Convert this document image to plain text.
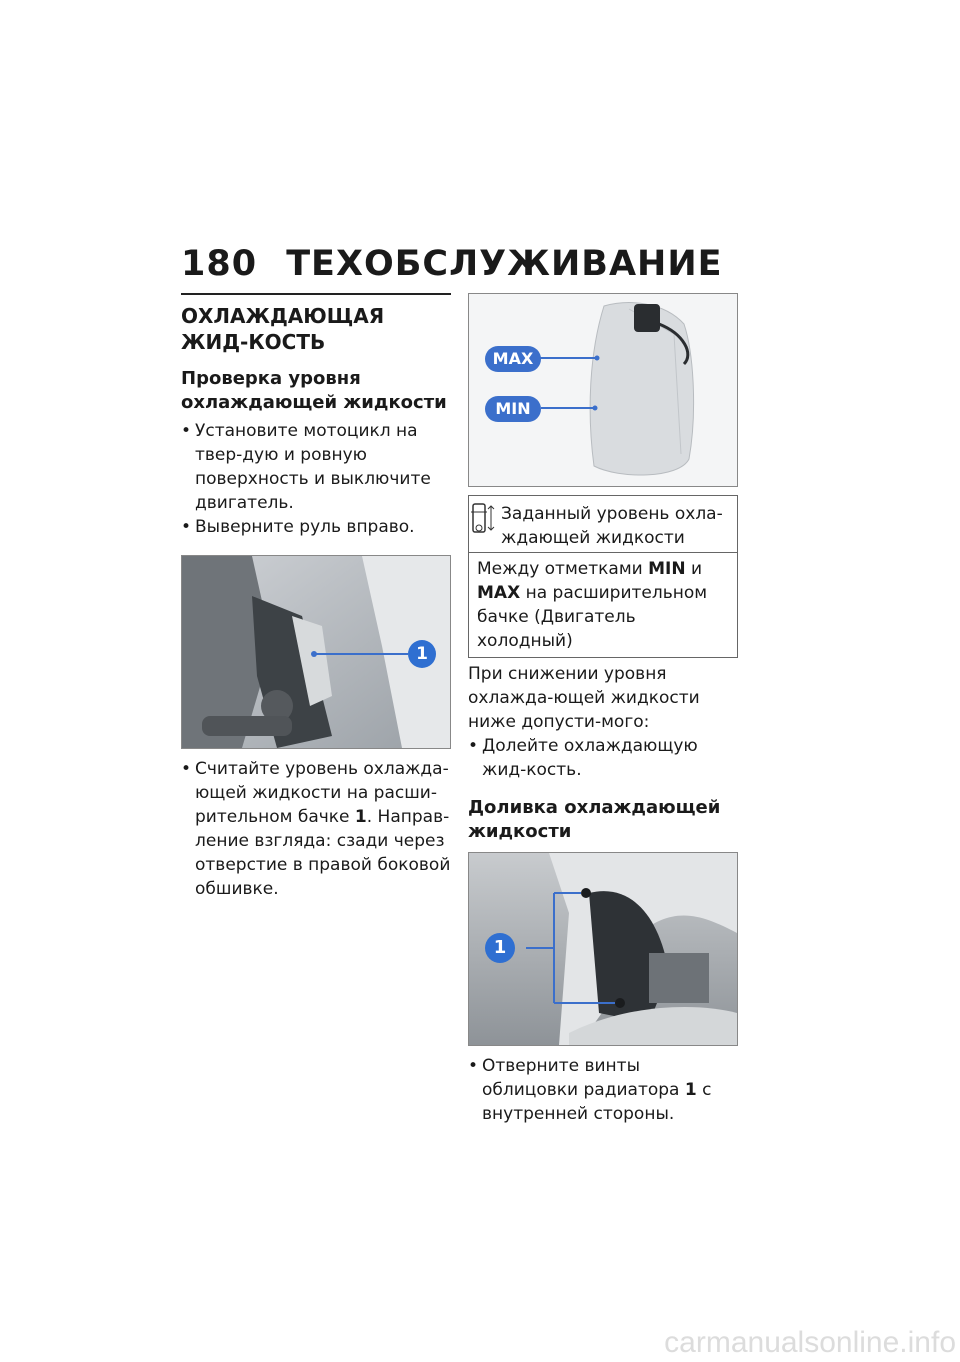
180 ТЕХОБСЛУЖИВАНИЕ
ОХЛАЖДАЮЩАЯ ЖИД-КОСТЬ
Проверка уровня охлаждающей жидкости

• Установите мотоцикл на твер-дую и ровную поверхность и выключите двигатель.

• Выверните руль вправо.

1

• Считайте уровень охлажда-ющей жидкости на расши-рительном бачке 1. Направ-ление взгляда: сзади через отверстие в правой боковой обшивке.

MAX
MIN
Заданный уровень охла-ждающей жидкости
Между отметками MIN и MAX на расширительном бачке (Двигатель холодный)

При снижении уровня охлажда-ющей жидкости ниже допусти-мого:

• Долейте охлаждающую жид-кость.

Доливка охлаждающей жидкости
1

• Отверните винты облицовки радиатора 1 с внутренней стороны.

carmanualsonline.info
